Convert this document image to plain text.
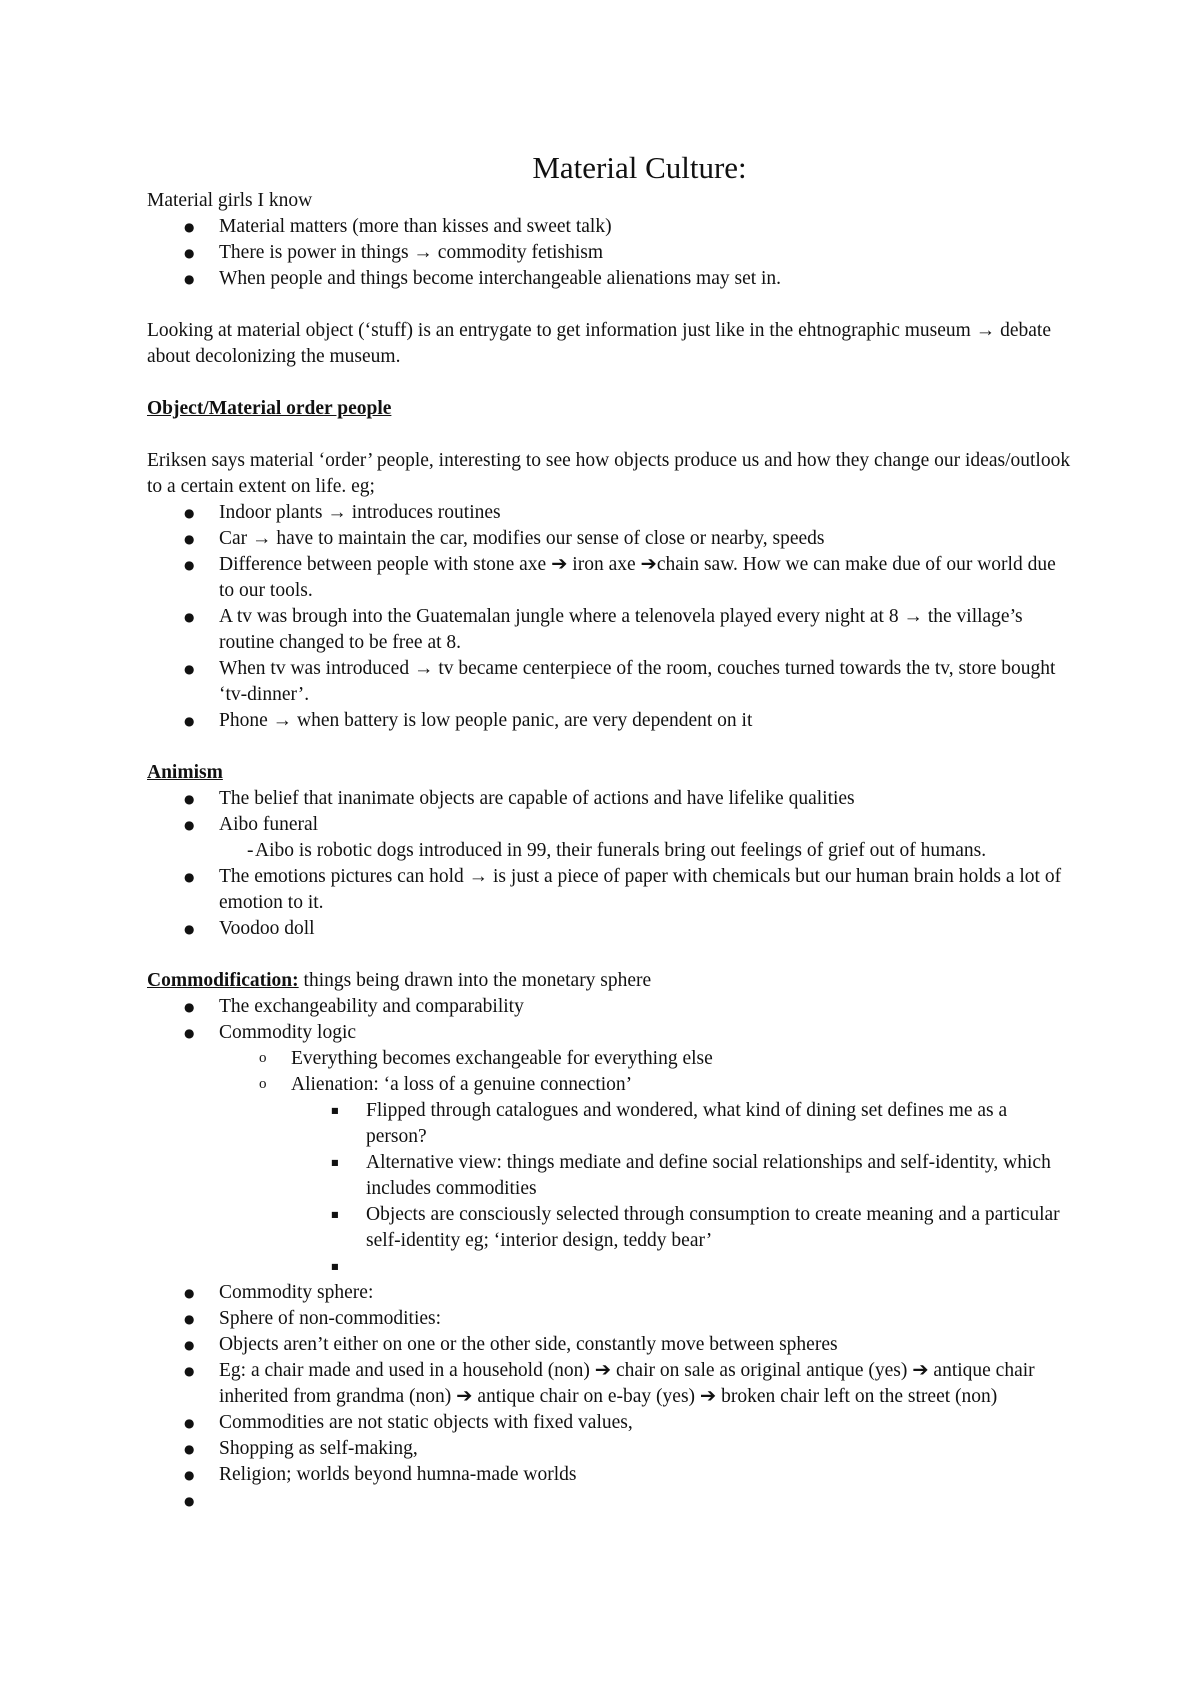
Material Culture:

Material girls I know

● Material matters (more than kisses and sweet talk)
● There is power in things → commodity fetishism
● When people and things become interchangeable alienations may set in.

Looking at material object (‘stuff) is an entrygate to get information just like in the ehtnographic museum → debate about decolonizing the museum.

Object/Material order people

Eriksen says material ‘order’ people, interesting to see how objects produce us and how they change our ideas/outlook to a certain extent on life. eg;

● Indoor plants → introduces routines
● Car → have to maintain the car, modifies our sense of close or nearby, speeds
● Difference between people with stone axe ➔ iron axe ➔chain saw. How we can make due of our world due to our tools.
● A tv was brough into the Guatemalan jungle where a telenovela played every night at 8 → the village’s routine changed to be free at 8.
● When tv was introduced → tv became centerpiece of the room, couches turned towards the tv, store bought ‘tv-dinner’.
● Phone → when battery is low people panic, are very dependent on it

Animism

● The belief that inanimate objects are capable of actions and have lifelike qualities
● Aibo funeral
- Aibo is robotic dogs introduced in 99, their funerals bring out feelings of grief out of humans.
● The emotions pictures can hold → is just a piece of paper with chemicals but our human brain holds a lot of emotion to it.
● Voodoo doll

Commodification: things being drawn into the monetary sphere

● The exchangeability and comparability
● Commodity logic
o Everything becomes exchangeable for everything else
o Alienation: ‘a loss of a genuine connection’
■ Flipped through catalogues and wondered, what kind of dining set defines me as a person?
■ Alternative view: things mediate and define social relationships and self-identity, which includes commodities
■ Objects are consciously selected through consumption to create meaning and a particular self-identity eg; ‘interior design, teddy bear’
■
● Commodity sphere:
● Sphere of non-commodities:
● Objects aren’t either on one or the other side, constantly move between spheres
● Eg: a chair made and used in a household (non) ➔ chair on sale as original antique (yes) ➔ antique chair inherited from grandma (non) ➔ antique chair on e-bay (yes) ➔ broken chair left on the street (non)
● Commodities are not static objects with fixed values,
● Shopping as self-making,
● Religion; worlds beyond humna-made worlds
●
